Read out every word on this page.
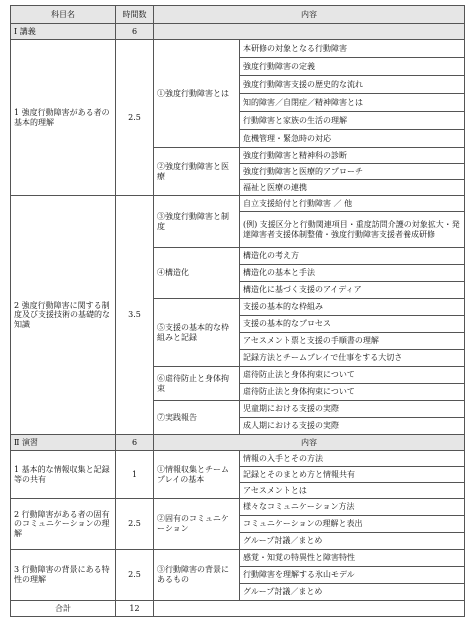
科目名	時間数	内容	
Ⅰ 講義	6		
1 強度行動障害がある者の基本的理解	2.5	①強度行動障害とは	本研修の対象となる行動障害
			強度行動障害の定義
			強度行動障害支援の歴史的な流れ
			知的障害／自閉症／精神障害とは
			行動障害と家族の生活の理解
			危機管理・緊急時の対応
		②強度行動障害と医療	強度行動障害と精神科の診断
			強度行動障害と医療的アプローチ
			福祉と医療の連携
2 強度行動障害に関する制度及び支援技術の基礎的な知識	3.5	③強度行動障害と制度	自立支援給付と行動障害 ／ 他
			(例) 支援区分と行動関連項目・重度訪問介護の対象拡大・発達障害者支援体制整備・強度行動障害支援者養成研修
		④構造化	構造化の考え方
			構造化の基本と手法
			構造化に基づく支援のアイディア
		⑤支援の基本的な枠組みと記録	支援の基本的な枠組み
			支援の基本的なプロセス
			アセスメント票と支援の手順書の理解
			記録方法とチームプレイで仕事をする大切さ
		⑥虐待防止と身体拘束	虐待防止法と身体拘束について
			虐待防止法と身体拘束について
		⑦実践報告	児童期における支援の実際
			成人期における支援の実際
Ⅱ 演習	6	内容	
1 基本的な情報収集と記録等の共有	1	①情報収集とチームプレイの基本	情報の入手とその方法
			記録とそのまとめ方と情報共有
			アセスメントとは
2 行動障害がある者の固有のコミュニケーションの理解	2.5	②固有のコミュニケーション	様々なコミュニケーション方法
			コミュニケーションの理解と表出
			グループ討議／まとめ
3 行動障害の背景にある特性の理解	2.5	③行動障害の背景にあるもの	感覚・知覚の特異性と障害特性
			行動障害を理解する氷山モデル
			グループ討議／まとめ
合計	12		
